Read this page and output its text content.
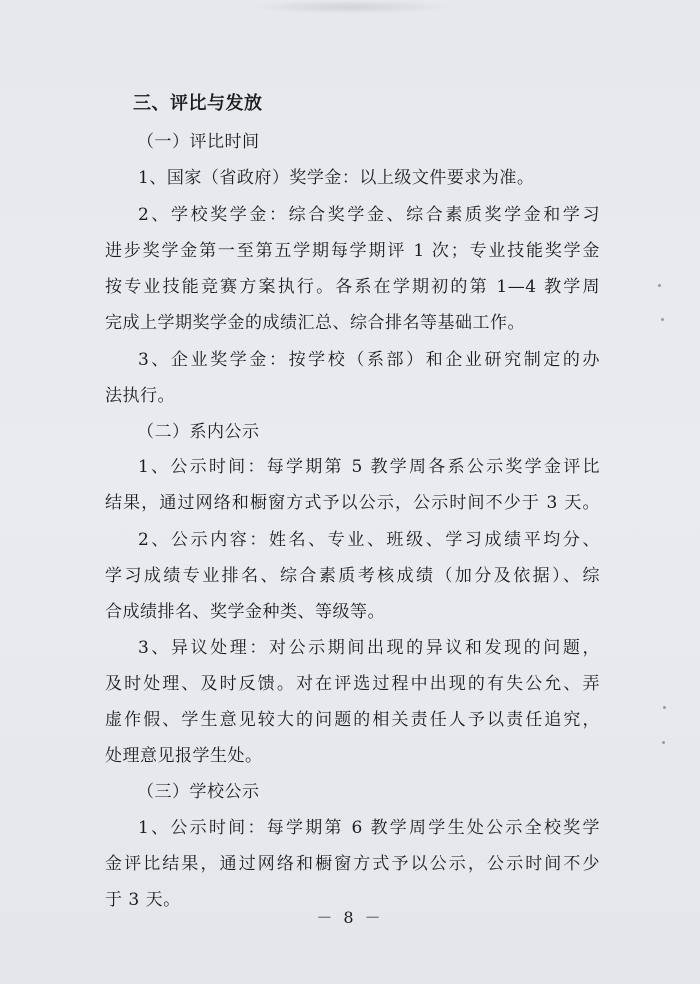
三、评比与发放
（一）评比时间
1、国家（省政府）奖学金：以上级文件要求为准。
2、学校奖学金：综合奖学金、综合素质奖学金和学习
进步奖学金第一至第五学期每学期评 1 次；专业技能奖学金
按专业技能竞赛方案执行。各系在学期初的第 1—4 教学周
完成上学期奖学金的成绩汇总、综合排名等基础工作。
3、企业奖学金：按学校（系部）和企业研究制定的办
法执行。
（二）系内公示
1、公示时间：每学期第 5 教学周各系公示奖学金评比
结果，通过网络和橱窗方式予以公示，公示时间不少于 3 天。
2、公示内容：姓名、专业、班级、学习成绩平均分、
学习成绩专业排名、综合素质考核成绩（加分及依据）、综
合成绩排名、奖学金种类、等级等。
3、异议处理：对公示期间出现的异议和发现的问题，
及时处理、及时反馈。对在评选过程中出现的有失公允、弄
虚作假、学生意见较大的问题的相关责任人予以责任追究，
处理意见报学生处。
（三）学校公示
1、公示时间：每学期第 6 教学周学生处公示全校奖学
金评比结果，通过网络和橱窗方式予以公示，公示时间不少
于 3 天。
－ 8 －
